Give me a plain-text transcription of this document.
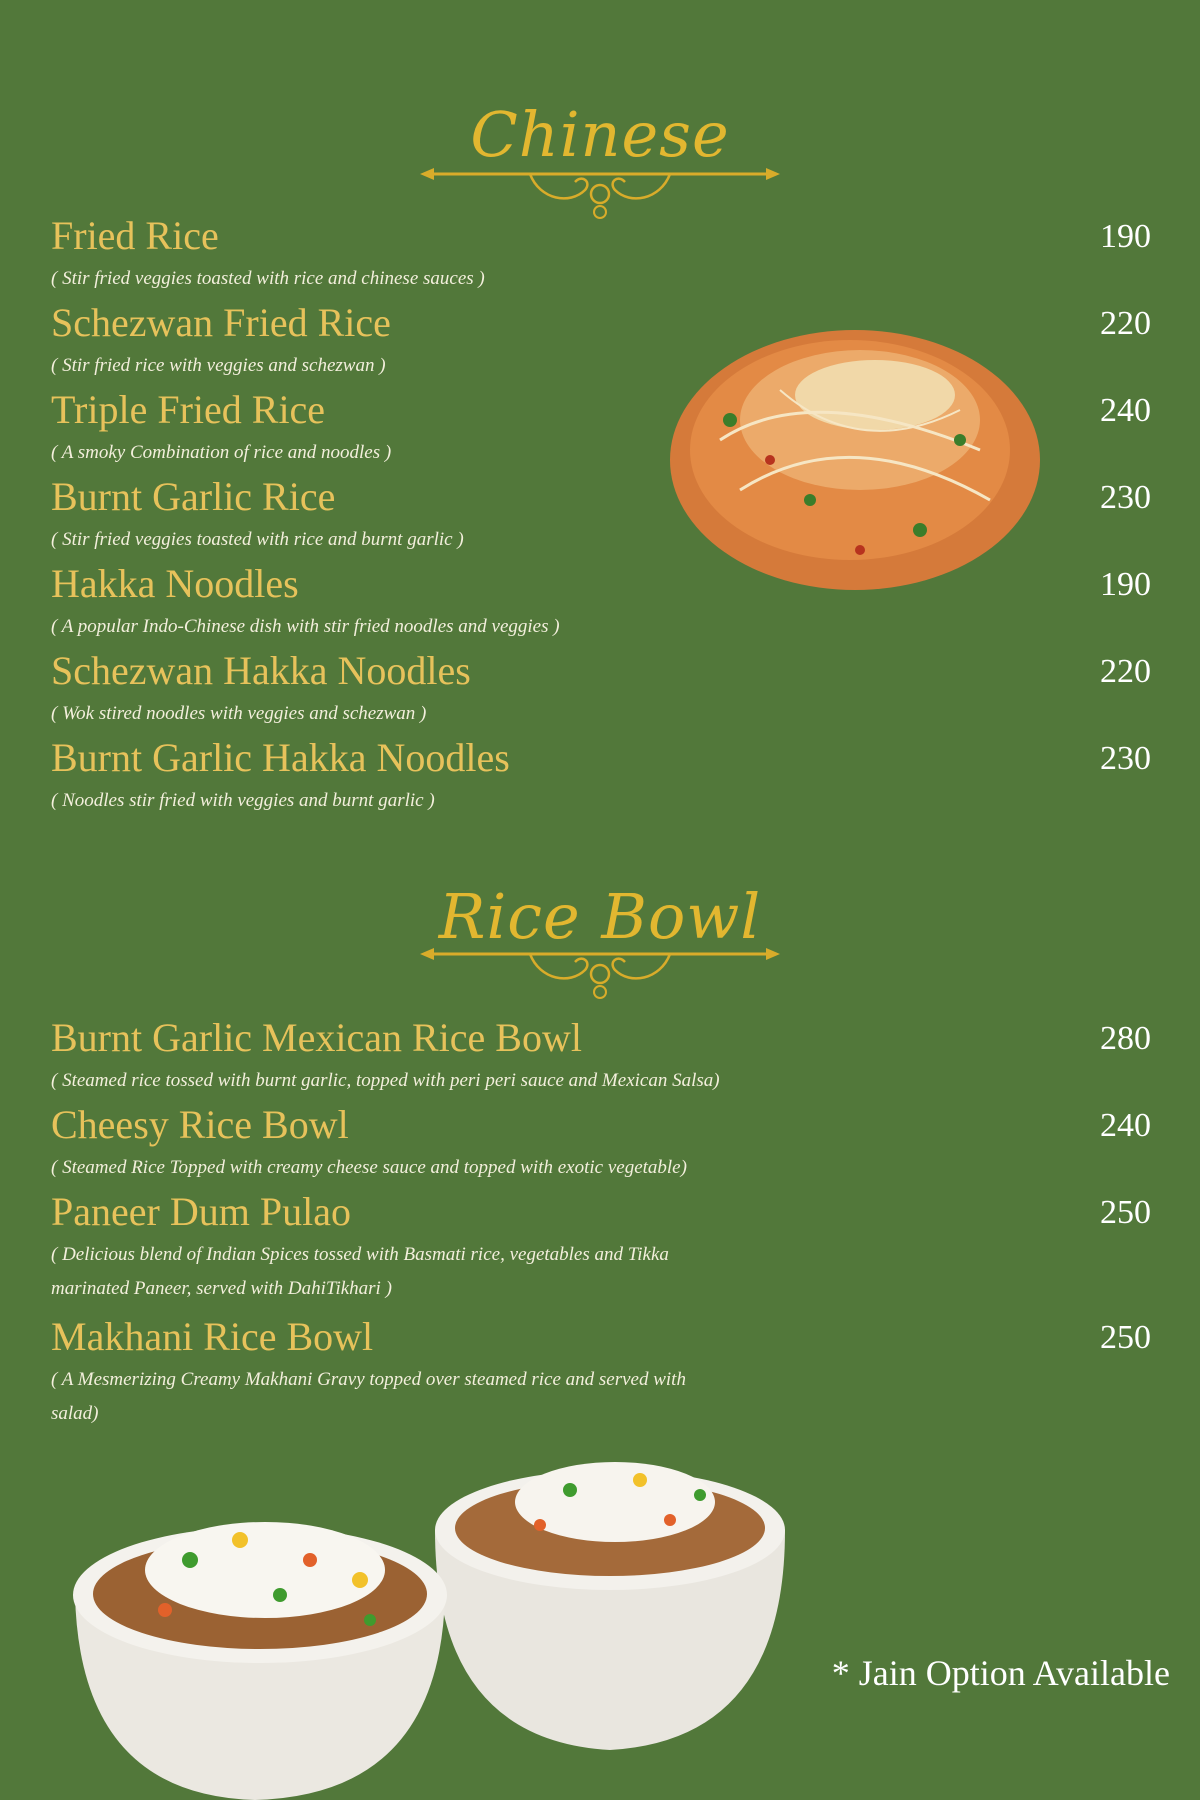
Chinese
Fried Rice
( Stir fried veggies toasted with rice and chinese sauces )
190
Schezwan Fried Rice
( Stir fried rice with veggies and schezwan )
220
Triple Fried Rice
( A smoky Combination of rice and noodles )
240
Burnt Garlic Rice
( Stir fried veggies toasted with rice and burnt garlic )
230
Hakka Noodles
( A popular Indo-Chinese dish with stir fried noodles and veggies )
190
Schezwan Hakka Noodles
( Wok stired noodles with veggies and schezwan )
220
Burnt Garlic Hakka Noodles
( Noodles stir fried with veggies and burnt garlic )
230
Rice Bowl
Burnt Garlic Mexican Rice Bowl
( Steamed rice tossed with burnt garlic, topped with peri peri sauce and Mexican Salsa)
280
Cheesy Rice Bowl
( Steamed Rice Topped with creamy cheese sauce and topped with exotic vegetable)
240
Paneer Dum Pulao
( Delicious blend of Indian Spices tossed with Basmati rice, vegetables and Tikka marinated Paneer, served with DahiTikhari )
250
Makhani Rice Bowl
( A Mesmerizing Creamy Makhani Gravy topped over steamed rice and served with salad)
250
* Jain Option Available
